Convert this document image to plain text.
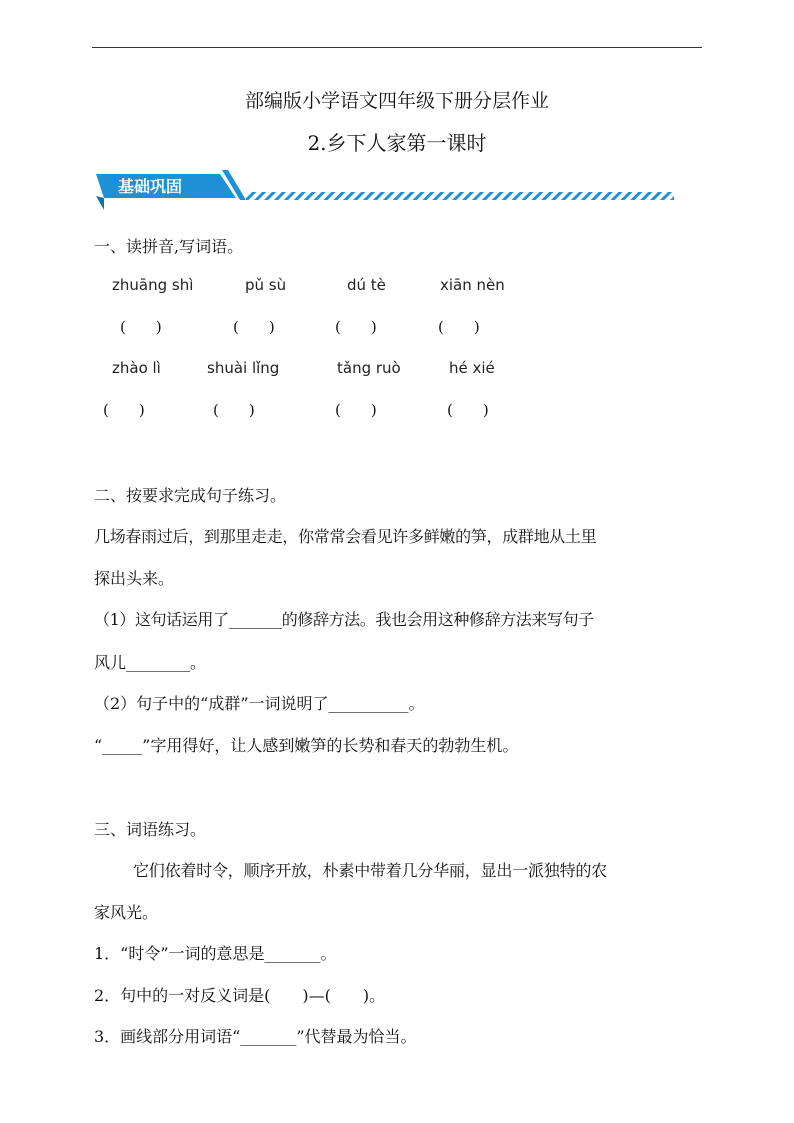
部编版小学语文四年级下册分层作业
2.乡下人家第一课时
基础巩固
一、读拼音,写词语。
zhuāng shì	pǔ sù	dú tè	xiān nèn
(　　)	(　　)	(　　)	(　　)
zhào lì	shuài lǐng	tǎng ruò	hé xié
(　　)	(　　)	(　　)	(　　)
二、按要求完成句子练习。
几场春雨过后，到那里走走，你常常会看见许多鲜嫩的笋，成群地从土里
探出头来。
（1）这句话运用了_______的修辞方法。我也会用这种修辞方法来写句子
风儿________。
（2）句子中的“成群”一词说明了__________。
“_____”字用得好，让人感到嫩笋的长势和春天的勃勃生机。
三、词语练习。
它们依着时令，顺序开放，朴素中带着几分华丽，显出一派独特的农
家风光。
1．“时令”一词的意思是_______。
2．句中的一对反义词是(　　)—(　　)。
3．画线部分用词语“_______”代替最为恰当。
